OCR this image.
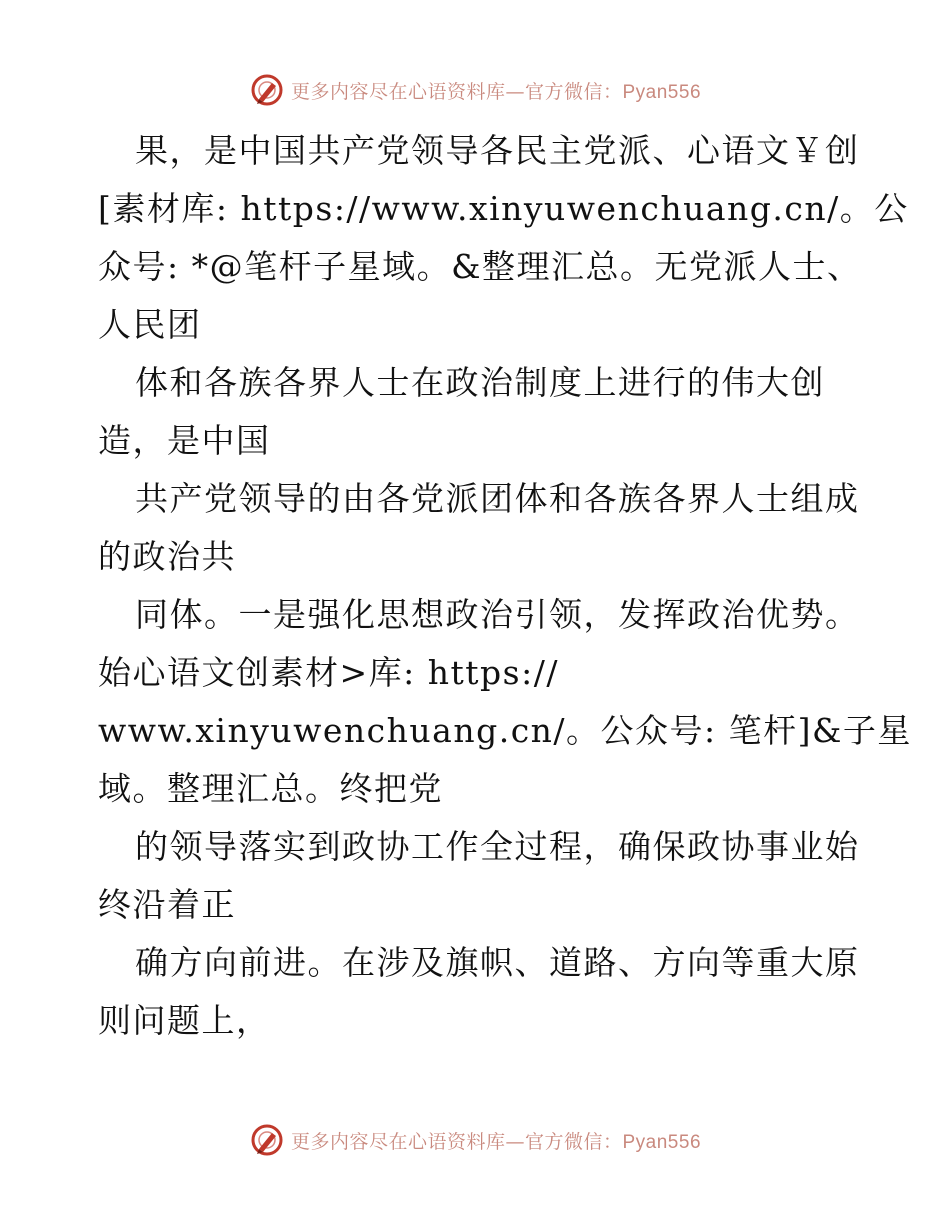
更多内容尽在心语资料库—官方微信：Pyan556
果，是中国共产党领导各民主党派、心语文￥创
[素材库: https://www.xinyuwenchuang.cn/。公
众号: *@笔杆子星域。&整理汇总。无党派人士、
人民团
体和各族各界人士在政治制度上进行的伟大创
造，是中国
共产党领导的由各党派团体和各族各界人士组成
的政治共
同体。一是强化思想政治引领，发挥政治优势。
始心语文创素材>库: https://
www.xinyuwenchuang.cn/。公众号: 笔杆]&子星
域。整理汇总。终把党
的领导落实到政协工作全过程，确保政协事业始
终沿着正
确方向前进。在涉及旗帜、道路、方向等重大原
则问题上，
更多内容尽在心语资料库—官方微信：Pyan556
